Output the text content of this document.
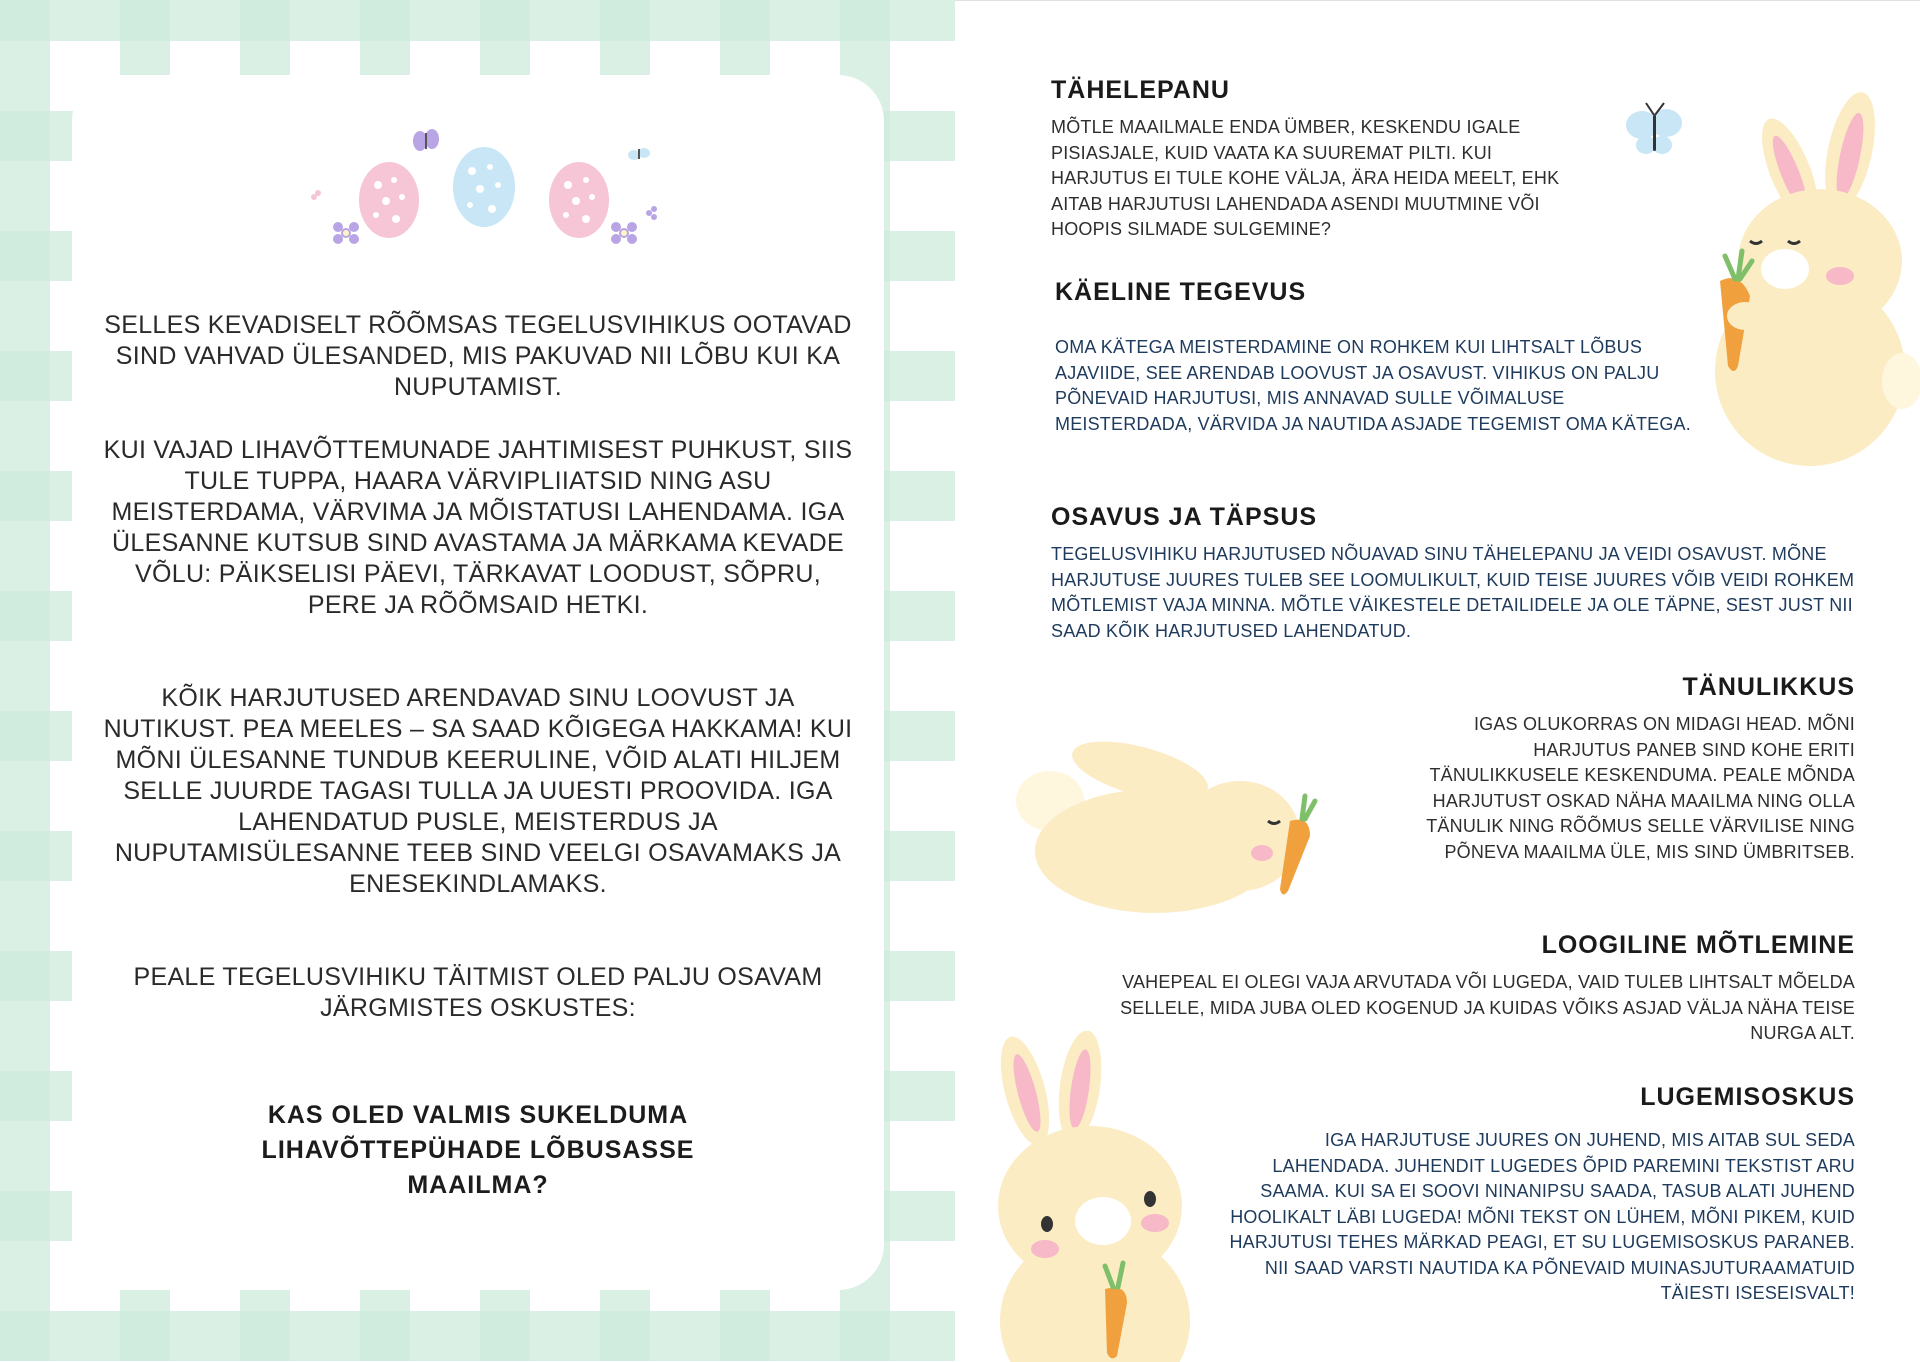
SELLES KEVADISELT RÕÕMSAS TEGELUSVIHIKUS OOTAVAD SIND VAHVAD ÜLESANDED, MIS PAKUVAD NII LÕBU KUI KA NUPUTAMIST.

KUI VAJAD LIHAVÕTTEMUNADE JAHTIMISEST PUHKUST, SIIS TULE TUPPA, HAARA VÄRVIPLIIATSID NING ASU MEISTERDAMA, VÄRVIMA JA MÕISTATUSI LAHENDAMA. IGA ÜLESANNE KUTSUB SIND AVASTAMA JA MÄRKAMA KEVADE VÕLU: PÄIKSELISI PÄEVI, TÄRKAVAT LOODUST, SÕPRU, PERE JA RÕÕMSAID HETKI.

KÕIK HARJUTUSED ARENDAVAD SINU LOOVUST JA NUTIKUST. PEA MEELES – SA SAAD KÕIGEGA HAKKAMA! KUI MÕNI ÜLESANNE TUNDUB KEERULINE, VÕID ALATI HILJEM SELLE JUURDE TAGASI TULLA JA UUESTI PROOVIDA. IGA LAHENDATUD PUSLE, MEISTERDUS JA NUPUTAMISÜLESANNE TEEB SIND VEELGI OSAVAMAKS JA ENESEKINDLAMAKS.

PEALE TEGELUSVIHIKU TÄITMIST OLED PALJU OSAVAM JÄRGMISTES OSKUSTES:

KAS OLED VALMIS SUKELDUMA LIHAVÕTTEPÜHADE LÕBUSASSE MAAILMA?

TÄHELEPANU

MÕTLE MAAILMALE ENDA ÜMBER, KESKENDU IGALE PISIASJALE, KUID VAATA KA SUUREMAT PILTI. KUI HARJUTUS EI TULE KOHE VÄLJA, ÄRA HEIDA MEELT, EHK AITAB HARJUTUSI LAHENDADA ASENDI MUUTMINE VÕI HOOPIS SILMADE SULGEMINE?

KÄELINE TEGEVUS

OMA KÄTEGA MEISTERDAMINE ON ROHKEM KUI LIHTSALT LÕBUS AJAVIIDE, SEE ARENDAB LOOVUST JA OSAVUST. VIHIKUS ON PALJU PÕNEVAID HARJUTUSI, MIS ANNAVAD SULLE VÕIMALUSE MEISTERDADA, VÄRVIDA JA NAUTIDA ASJADE TEGEMIST OMA KÄTEGA.

OSAVUS JA TÄPSUS

TEGELUSVIHIKU HARJUTUSED NÕUAVAD SINU TÄHELEPANU JA VEIDI OSAVUST. MÕNE HARJUTUSE JUURES TULEB SEE LOOMULIKULT, KUID TEISE JUURES VÕIB VEIDI ROHKEM MÕTLEMIST VAJA MINNA. MÕTLE VÄIKESTELE DETAILIDELE JA OLE TÄPNE, SEST JUST NII SAAD KÕIK HARJUTUSED LAHENDATUD.

TÄNULIKKUS

IGAS OLUKORRAS ON MIDAGI HEAD. MÕNI HARJUTUS PANEB SIND KOHE ERITI TÄNULIKKUSELE KESKENDUMA. PEALE MÕNDA HARJUTUST OSKAD NÄHA MAAILMA NING OLLA TÄNULIK NING RÕÕMUS SELLE VÄRVILISE NING PÕNEVA MAAILMA ÜLE, MIS SIND ÜMBRITSEB.

LOOGILINE MÕTLEMINE

VAHEPEAL EI OLEGI VAJA ARVUTADA VÕI LUGEDA, VAID TULEB LIHTSALT MÕELDA SELLELE, MIDA JUBA OLED KOGENUD JA KUIDAS VÕIKS ASJAD VÄLJA NÄHA TEISE NURGA ALT.

LUGEMISOSKUS

IGA HARJUTUSE JUURES ON JUHEND, MIS AITAB SUL SEDA LAHENDADA. JUHENDIT LUGEDES ÕPID PAREMINI TEKSTIST ARU SAAMA. KUI SA EI SOOVI NINANIPSU SAADA, TASUB ALATI JUHEND HOOLIKALT LÄBI LUGEDA! MÕNI TEKST ON LÜHEM, MÕNI PIKEM, KUID HARJUTUSI TEHES MÄRKAD PEAGI, ET SU LUGEMISOSKUS PARANEB. NII SAAD VARSTI NAUTIDA KA PÕNEVAID MUINASJUTURAAMATUID TÄIESTI ISESEISVALT!
